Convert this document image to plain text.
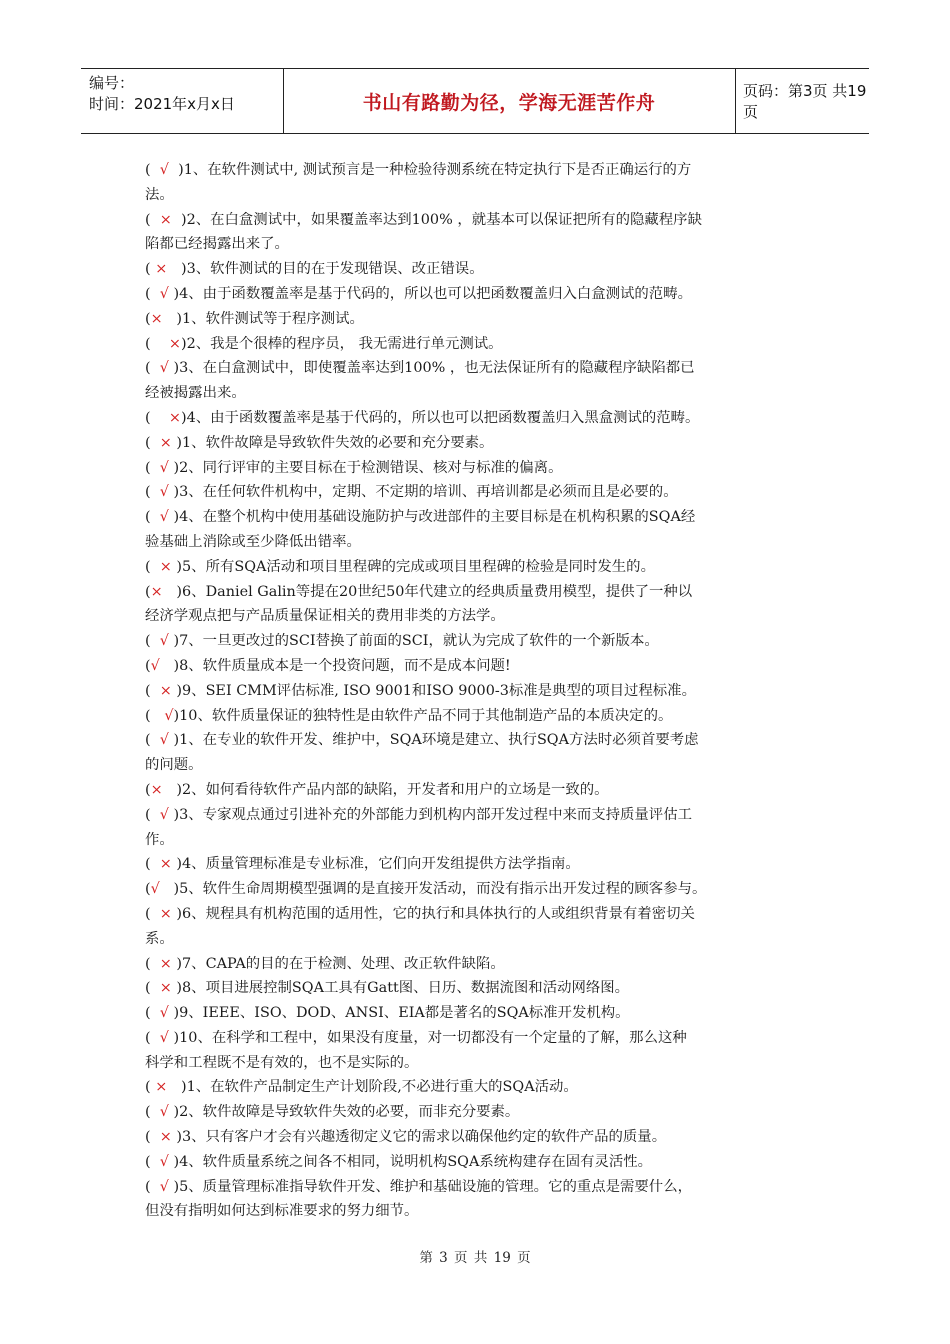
编号：
时间：2021年x月x日	书山有路勤为径，学海无涯苦作舟
页码：第3页 共19页
(  √  )1、在软件测试中, 测试预言是一种检验待测系统在特定执行下是否正确运行的方
法。
(  ×  )2、在白盒测试中，如果覆盖率达到100% ，就基本可以保证把所有的隐藏程序缺
陷都已经揭露出来了。
( ×   )3、软件测试的目的在于发现错误、改正错误。
(  √ )4、由于函数覆盖率是基于代码的，所以也可以把函数覆盖归入白盒测试的范畴。
(×   )1、软件测试等于程序测试。
(    ×)2、我是个很棒的程序员， 我无需进行单元测试。
(  √ )3、在白盒测试中，即使覆盖率达到100% ，也无法保证所有的隐藏程序缺陷都已
经被揭露出来。
(    ×)4、由于函数覆盖率是基于代码的，所以也可以把函数覆盖归入黑盒测试的范畴。
(  × )1、软件故障是导致软件失效的必要和充分要素。
(  √ )2、同行评审的主要目标在于检测错误、核对与标准的偏离。
(  √ )3、在任何软件机构中，定期、不定期的培训、再培训都是必须而且是必要的。
(  √ )4、在整个机构中使用基础设施防护与改进部件的主要目标是在机构积累的SQA经
验基础上消除或至少降低出错率。
(  × )5、所有SQA活动和项目里程碑的完成或项目里程碑的检验是同时发生的。
(×   )6、Daniel Galin等提在20世纪50年代建立的经典质量费用模型，提供了一种以
经济学观点把与产品质量保证相关的费用非类的方法学。
(  √ )7、一旦更改过的SCI替换了前面的SCI，就认为完成了软件的一个新版本。
(√   )8、软件质量成本是一个投资问题，而不是成本问题!
(  × )9、SEI CMM评估标准, ISO 9001和ISO 9000-3标准是典型的项目过程标准。
(   √)10、软件质量保证的独特性是由软件产品不同于其他制造产品的本质决定的。
(  √ )1、在专业的软件开发、维护中，SQA环境是建立、执行SQA方法时必须首要考虑
的问题。
(×   )2、如何看待软件产品内部的缺陷，开发者和用户的立场是一致的。
(  √ )3、专家观点通过引进补充的外部能力到机构内部开发过程中来而支持质量评估工
作。
(  × )4、质量管理标准是专业标准，它们向开发组提供方法学指南。
(√   )5、软件生命周期模型强调的是直接开发活动，而没有指示出开发过程的顾客参与。
(  × )6、规程具有机构范围的适用性，它的执行和具体执行的人或组织背景有着密切关
系。
(  × )7、CAPA的目的在于检测、处理、改正软件缺陷。
(  × )8、项目进展控制SQA工具有Gatt图、日历、数据流图和活动网络图。
(  √ )9、IEEE、ISO、DOD、ANSI、EIA都是著名的SQA标准开发机构。
(  √ )10、在科学和工程中，如果没有度量，对一切都没有一个定量的了解，那么这种
科学和工程既不是有效的，也不是实际的。
( ×   )1、在软件产品制定生产计划阶段,不必进行重大的SQA活动。
(  √ )2、软件故障是导致软件失效的必要，而非充分要素。
(  × )3、只有客户才会有兴趣透彻定义它的需求以确保他约定的软件产品的质量。
(  √ )4、软件质量系统之间各不相同，说明机构SQA系统构建存在固有灵活性。
(  √ )5、质量管理标准指导软件开发、维护和基础设施的管理。它的重点是需要什么，
但没有指明如何达到标准要求的努力细节。
第 3 页 共 19 页
